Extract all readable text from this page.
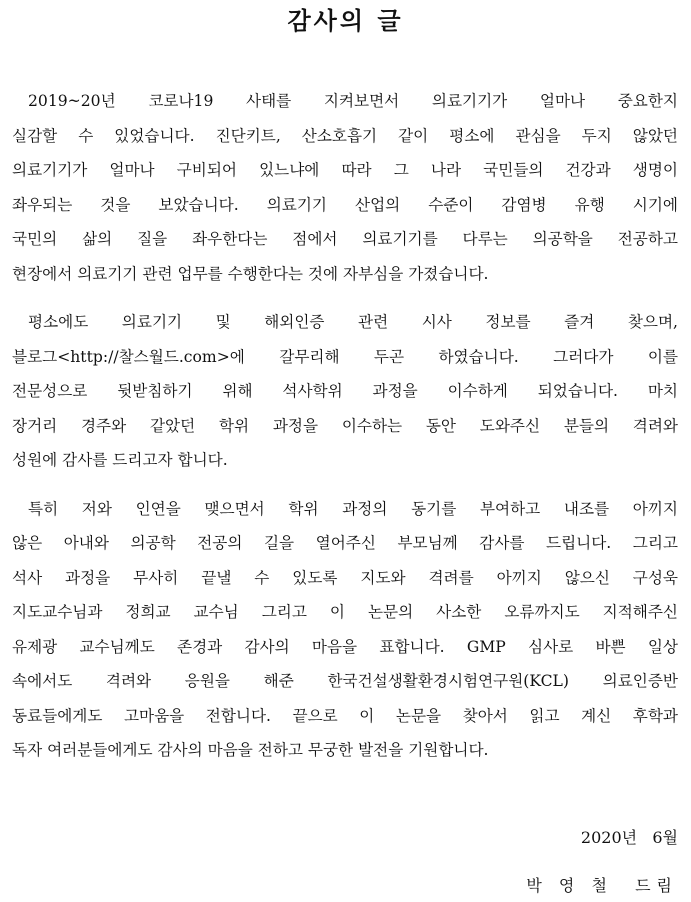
감사의 글
2019~20년 코로나19 사태를 지켜보면서 의료기기가 얼마나 중요한지
실감할 수 있었습니다. 진단키트, 산소호흡기 같이 평소에 관심을 두지 않았던
의료기기가 얼마나 구비되어 있느냐에 따라 그 나라 국민들의 건강과 생명이
좌우되는 것을 보았습니다. 의료기기 산업의 수준이 감염병 유행 시기에
국민의 삶의 질을 좌우한다는 점에서 의료기기를 다루는 의공학을 전공하고
현장에서 의료기기 관련 업무를 수행한다는 것에 자부심을 가졌습니다.
평소에도 의료기기 및 해외인증 관련 시사 정보를 즐겨 찾으며,
블로그<http://찰스월드.com>에 갈무리해 두곤 하였습니다. 그러다가 이를
전문성으로 뒷받침하기 위해 석사학위 과정을 이수하게 되었습니다. 마치
장거리 경주와 같았던 학위 과정을 이수하는 동안 도와주신 분들의 격려와
성원에 감사를 드리고자 합니다.
특히 저와 인연을 맺으면서 학위 과정의 동기를 부여하고 내조를 아끼지
않은 아내와 의공학 전공의 길을 열어주신 부모님께 감사를 드립니다. 그리고
석사 과정을 무사히 끝낼 수 있도록 지도와 격려를 아끼지 않으신 구성욱
지도교수님과 정희교 교수님 그리고 이 논문의 사소한 오류까지도 지적해주신
유제광 교수님께도 존경과 감사의 마음을 표합니다. GMP 심사로 바쁜 일상
속에서도 격려와 응원을 해준 한국건설생활환경시험연구원(KCL) 의료인증반
동료들에게도 고마움을 전합니다. 끝으로 이 논문을 찾아서 읽고 계신 후학과
독자 여러분들에게도 감사의 마음을 전하고 무궁한 발전을 기원합니다.
2020년   6월
박 영 철  드림
